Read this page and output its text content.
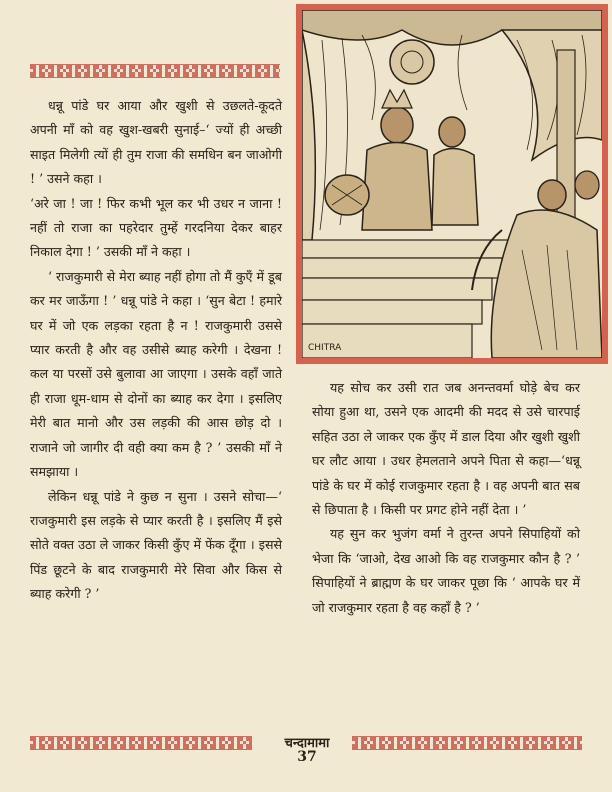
धन्नू पांडे घर आया और खुशी से उछलते-कूदते अपनी माँ को वह खुश-खबरी सुनाई–‘ ज्यों ही अच्छी साइत मिलेगी त्यों ही तुम राजा की समधिन बन जाओगी ! ’ उसने कहा ।

‘अरे जा ! जा ! फिर कभी भूल कर भी उधर न जाना ! नहीं तो राजा का पहरेदार तुम्हें गरदनिया देकर बाहर निकाल देगा ! ’ उसकी माँ ने कहा ।

‘ राजकुमारी से मेरा ब्याह नहीं होगा तो मैं कुएँ में डूब कर मर जाऊँगा ! ’ धन्नू पांडे ने कहा । ‘सुन बेटा ! हमारे घर में जो एक लड़का रहता है न ! राजकुमारी उससे प्यार करती है और वह उसीसे ब्याह करेगी । देखना ! कल या परसों उसे बुलावा आ जाएगा । उसके वहाँ जाते ही राजा धूम-धाम से दोनों का ब्याह कर देगा । इसलिए मेरी बात मानो और उस लड़की की आस छोड़ दो । राजाने जो जागीर दी वही क्या कम है ? ’ उसकी माँ ने समझाया ।

लेकिन धन्नू पांडे ने कुछ न सुना । उसने सोचा—‘ राजकुमारी इस लड़के से प्यार करती है । इसलिए मैं इसे सोते वक्त उठा ले जाकर किसी कुँए में फेंक दूँगा । इससे पिंड छूटने के बाद राजकुमारी मेरे सिवा और किस से ब्याह करेगी ? ’

CHITRA

यह सोच कर उसी रात जब अनन्तवर्मा घोड़े बेच कर सोया हुआ था, उसने एक आदमी की मदद से उसे चारपाई सहित उठा ले जाकर एक कुँए में डाल दिया और खुशी खुशी घर लौट आया । उधर हेमलताने अपने पिता से कहा—‘धन्नू पांडे के घर में कोई राजकुमार रहता है । वह अपनी बात सब से छिपाता है । किसी पर प्रगट होने नहीं देता । ’

यह सुन कर भुजंग वर्मा ने तुरन्त अपने सिपाहियों को भेजा कि ‘जाओ, देख आओ कि वह राजकुमार कौन है ? ’ सिपाहियों ने ब्राह्मण के घर जाकर पूछा कि ‘ आपके घर में जो राजकुमार रहता है वह कहाँ है ? ’

चन्दामामा
37
